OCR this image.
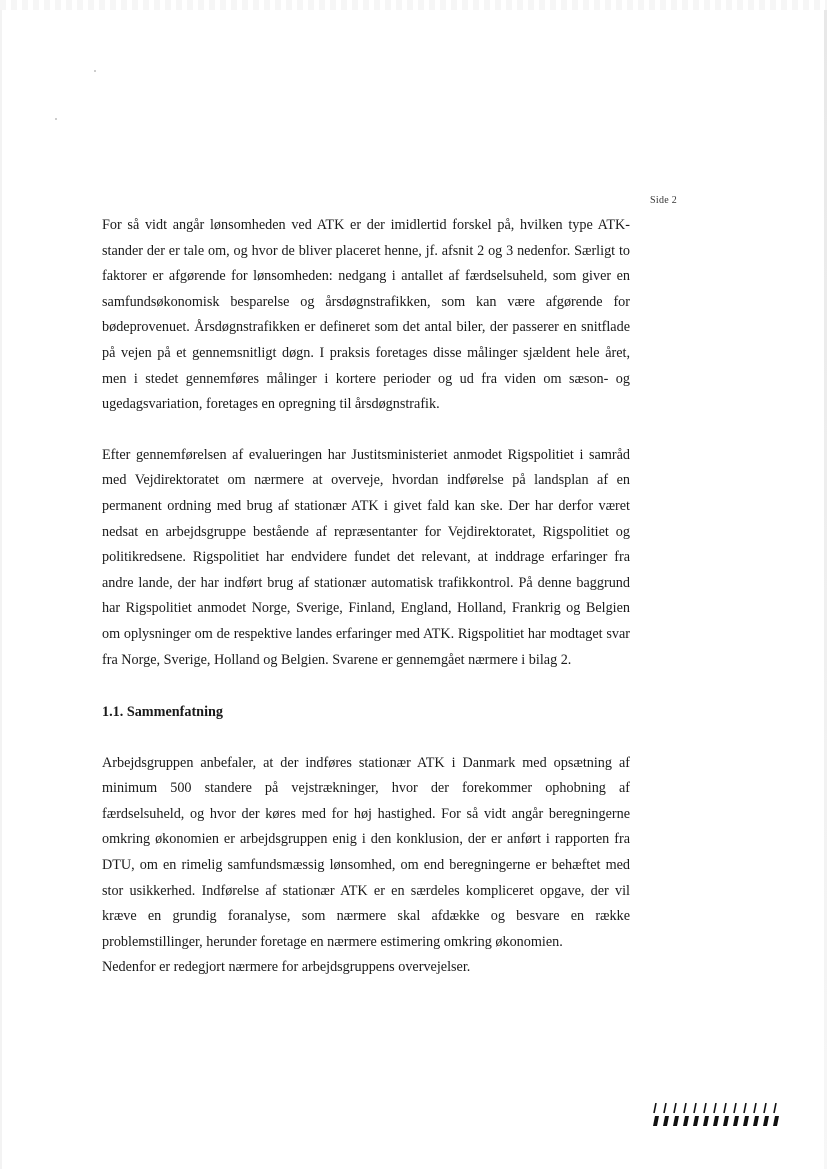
Side 2

For så vidt angår lønsomheden ved ATK er der imidlertid forskel på, hvilken type ATK-stander der er tale om, og hvor de bliver placeret henne, jf. afsnit 2 og 3 nedenfor. Særligt to faktorer er afgørende for lønsomheden: nedgang i antallet af færdselsuheld, som giver en samfundsøkonomisk besparelse og årsdøgnstrafikken, som kan være afgørende for bødeprovenuet. Årsdøgnstrafikken er defineret som det antal biler, der passerer en snitflade på vejen på et gennemsnitligt døgn. I praksis foretages disse målinger sjældent hele året, men i stedet gennemføres målinger i kortere perioder og ud fra viden om sæson- og ugedagsvariation, foretages en opregning til årsdøgnstrafik.

Efter gennemførelsen af evalueringen har Justitsministeriet anmodet Rigspolitiet i samråd med Vejdirektoratet om nærmere at overveje, hvordan indførelse på landsplan af en permanent ordning med brug af stationær ATK i givet fald kan ske. Der har derfor været nedsat en arbejdsgruppe bestående af repræsentanter for Vejdirektoratet, Rigspolitiet og politikredsene. Rigspolitiet har endvidere fundet det relevant, at inddrage erfaringer fra andre lande, der har indført brug af stationær automatisk trafikkontrol. På denne baggrund har Rigspolitiet anmodet Norge, Sverige, Finland, England, Holland, Frankrig og Belgien om oplysninger om de respektive landes erfaringer med ATK. Rigspolitiet har modtaget svar fra Norge, Sverige, Holland og Belgien. Svarene er gennemgået nærmere i bilag 2.

1.1. Sammenfatning

Arbejdsgruppen anbefaler, at der indføres stationær ATK i Danmark med opsætning af minimum 500 standere på vejstrækninger, hvor der forekommer ophobning af færdselsuheld, og hvor der køres med for høj hastighed. For så vidt angår beregningerne omkring økonomien er arbejdsgruppen enig i den konklusion, der er anført i rapporten fra DTU, om en rimelig samfundsmæssig lønsomhed, om end beregningerne er behæftet med stor usikkerhed. Indførelse af stationær ATK er en særdeles kompliceret opgave, der vil kræve en grundig foranalyse, som nærmere skal afdække og besvare en række problemstillinger, herunder foretage en nærmere estimering omkring økonomien.

Nedenfor er redegjort nærmere for arbejdsgruppens overvejelser.
